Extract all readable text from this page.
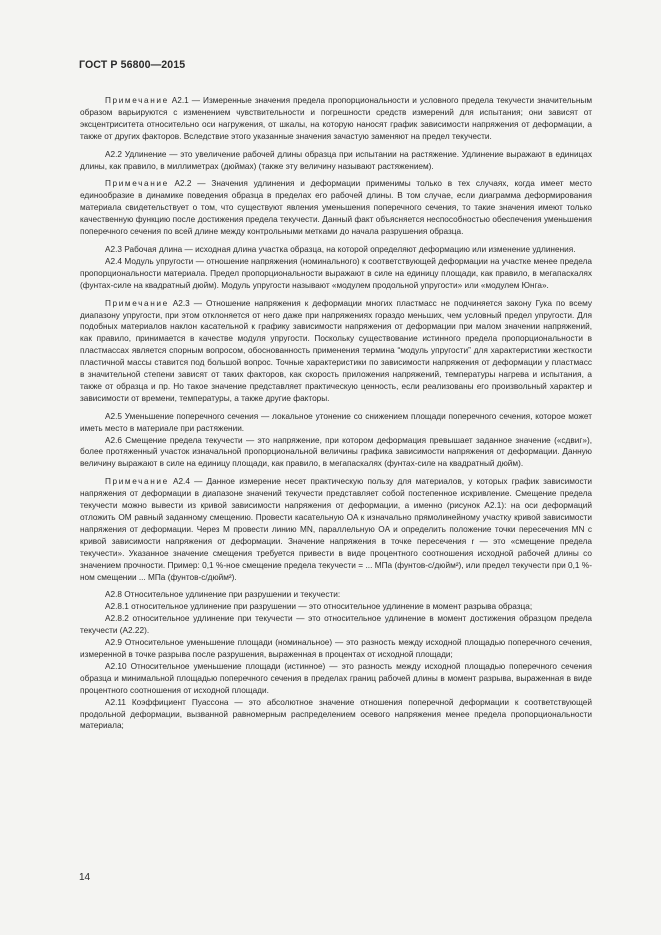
ГОСТ Р 56800—2015

Примечание А2.1 — Измеренные значения предела пропорциональности и условного предела текучести значительным образом варьируются с изменением чувствительности и погрешности средств измерений для испытания; они зависят от эксцентриситета относительно оси нагружения, от шкалы, на которую наносят график зависимости напряжения от деформации, а также от других факторов. Вследствие этого указанные значения зачастую заменяют на предел текучести.

А2.2 Удлинение — это увеличение рабочей длины образца при испытании на растяжение. Удлинение выражают в единицах длины, как правило, в миллиметрах (дюймах) (также эту величину называют растяжением).

Примечание А2.2 — Значения удлинения и деформации применимы только в тех случаях, когда имеет место единообразие в динамике поведения образца в пределах его рабочей длины. В том случае, если диаграмма деформирования материала свидетельствует о том, что существуют явления уменьшения поперечного сечения, то такие значения имеют только качественную функцию после достижения предела текучести. Данный факт объясняется неспособностью обеспечения уменьшения поперечного сечения по всей длине между контрольными метками до начала разрушения образца.

А2.3 Рабочая длина — исходная длина участка образца, на которой определяют деформацию или изменение удлинения.

А2.4 Модуль упругости — отношение напряжения (номинального) к соответствующей деформации на участке менее предела пропорциональности материала. Предел пропорциональности выражают в силе на единицу площади, как правило, в мегапаскалях (фунтах-силе на квадратный дюйм). Модуль упругости называют «модулем продольной упругости» или «модулем Юнга».

Примечание А2.3 — Отношение напряжения к деформации многих пластмасс не подчиняется закону Гука по всему диапазону упругости, при этом отклоняется от него даже при напряжениях гораздо меньших, чем условный предел упругости. Для подобных материалов наклон касательной к графику зависимости напряжения от деформации при малом значении напряжений, как правило, принимается в качестве модуля упругости. Поскольку существование истинного предела пропорциональности в пластмассах является спорным вопросом, обоснованность применения термина “модуль упругости” для характеристики жесткости пластичной массы ставится под большой вопрос. Точные характеристики по зависимости напряжения от деформации у пластмасс в значительной степени зависят от таких факторов, как скорость приложения напряжений, температуры нагрева и испытания, а также от образца и пр. Но такое значение представляет практическую ценность, если реализованы его произвольный характер и зависимости от времени, температуры, а также другие факторы.

А2.5 Уменьшение поперечного сечения — локальное утонение со снижением площади поперечного сечения, которое может иметь место в материале при растяжении.

А2.6 Смещение предела текучести — это напряжение, при котором деформация превышает заданное значение («сдвиг»), более протяженный участок изначальной пропорциональной величины графика зависимости напряжения от деформации. Данную величину выражают в силе на единицу площади, как правило, в мегапаскалях (фунтах-силе на квадратный дюйм).

Примечание А2.4 — Данное измерение несет практическую пользу для материалов, у которых график зависимости напряжения от деформации в диапазоне значений текучести представляет собой постепенное искривление. Смещение предела текучести можно вывести из кривой зависимости напряжения от деформации, а именно (рисунок А2.1): на оси деформаций отложить OM равный заданному смещению. Провести касательную OA к изначально прямолинейному участку кривой зависимости напряжения от деформации. Через M провести линию MN, параллельную OA и определить положение точки пересечения MN с кривой зависимости напряжения от деформации. Значение напряжения в точке пересечения r — это «смещение предела текучести». Указанное значение смещения требуется привести в виде процентного соотношения исходной рабочей длины со значением прочности. Пример: 0,1 %-ное смещение предела текучести = ... МПа (фунтов-с/дюйм²), или предел текучести при 0,1 %-ном смещении ... МПа (фунтов-с/дюйм²).

А2.8 Относительное удлинение при разрушении и текучести:

А2.8.1 относительное удлинение при разрушении — это относительное удлинение в момент разрыва образца;

А2.8.2 относительное удлинение при текучести — это относительное удлинение в момент достижения образцом предела текучести (А2.22).

А2.9 Относительное уменьшение площади (номинальное) — это разность между исходной площадью поперечного сечения, измеренной в точке разрыва после разрушения, выраженная в процентах от исходной площади;

А2.10 Относительное уменьшение площади (истинное) — это разность между исходной площадью поперечного сечения образца и минимальной площадью поперечного сечения в пределах границ рабочей длины в момент разрыва, выраженная в виде процентного соотношения от исходной площади.

А2.11 Коэффициент Пуассона — это абсолютное значение отношения поперечной деформации к соответствующей продольной деформации, вызванной равномерным распределением осевого напряжения менее предела пропорциональности материала;

14
